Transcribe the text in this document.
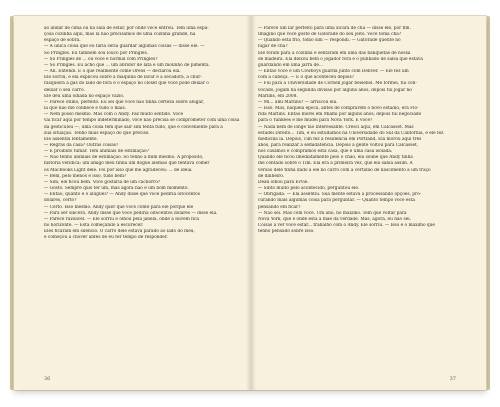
ao andar de cima ou na sala de estar, por onde você entrou. Tem uma espa-
çosa cozinha aqui, mas lá não precisamos de uma cozinha grande, há
espaço de sobra.
— A única coisa que eu faria seria guardar algumas coisas — disse ele. —
Só Pringles. Eu também sou louco por Pringles.
— Só Pringles de ... ou você é normal com Pringles?
— Só Pringles. Eu acho que ... um abridor de lata e um molinho de pimenta.
— Ah. Entendi. É o que realmente come Oreos — declarou ela.
Ele sorriu, e ela explicou sobre a máquina de lavar e a secadora, a chur-
rasqueira a gás do lado de fora e o espaço no closet que você pode deixar o
deixar o seu carro.
Ele deu uma olhada no espaço vazio.
— Parece ótimo, perfeito. Eu sei que você não tinha certeza sobre alugar,
lá que não me conhece e tudo o mais.
— Nem posso mesmo. Mas com o Andy. Faz muito sentido. Você
vai ficar aqui por tempo indeterminado, você não precisa se comprometer com uma coisa
da gesticulou —, uma coisa tem que sair sim tenta tudo, que é conveniente para a
sua situação. Tenho mais espaço do que preciso.
Ele assentiu lentamente.
— Regras da casa? Outras coisas?
— É proibido fumar. Tem animais de estimação?
— Não tenho animais de estimação. Só tenho a mim mesmo. A propósito,
história verídica: um amigo meu tinha um dogue alemão que tentava comer
os MacBooks Light dele. Foi por isso que me agradeceu: ... de ideia.
— Bem, pelo menos é isso, tudo bem?
— Sim, ele ficou bem. Você gostaria de um cachorro?
— Gosto. Sempre quis ter um, mas agora não é um bom momento.
— Então, quanto é o aluguel? — Andy disse que você pediria oitocentos
dólares, certo?
— Certo. Isso mesmo. Andy quer que você conte para ele porque ele
— Para ser sincera. Andy disse que você pediria oitocentos dólares — disse ela.
— Parece razoável. — Ele sorriu e olhou pela janela, onde a nuvem fica
no horizonte. — Está começando a escurecer.
Eles ficaram em silêncio. O carro dele estava parado ao lado do meu,
e começou a chover antes de eu ter tempo de responder.
36
— Parece um lar perfeito para uma xícara de chá — disse ele, por fim.
Imagino que você goste de Gatorade do seu jeito. Você toma chá?
— Quando está frio, tomo sim — respondi. — Gatorade quente no
lugar de chá?
Ele foram para a cozinha e sentaram em uma das banquetas de nossa
de madeira. Ela deixou bem o jogador fora e o punhado de salsa que estava
guardando em uma jarra de...
— Então você é um Cowboys guarda junto com Denver. — Ele fez um
com a cabeça. — E o que aconteceu depois?
— Fui para a Universidade de Cornell jogar beisebol. Me formei, fui con-
vocado, jogam na segunda divisão por alguns anos, depois fui jogar no
Marlins, em 2008.
— Mi... ami Marlins? — arriscou ela.
— Isso. Mas, naquela época, antes de comprarem o novo estádio, era Flo-
rida Marlins. Então morei em Miami por alguns anos, depois fui negociado
para o Yankees e me mudei para Nova York. E você?
— Nada nem de longe tão interessante. Cresci aqui, em Calcasset. Mas
estudei Direito... Tim, e eu estudamos na Universidade do Sul da Califórnia, e ele fez
medicina lá. Depois, Tim fez a residência em Portland, Ela morou aqui três
anos, para realizar a semidatência. Depois a gente voltou para Calcasset,
nos casamos e compramos esta casa, que é uma casa isolada.
Quando ele ficou imediatamente pelo o chão, ela soube que Andy tinha
lhe contado sobre o Tim. Ela era a primeira vez, que ela sabia assim. A
versão dele tinha dado a ele no carro com a certidão de nascimento a um traço
de dinheiro.
Dean olhou para Evvie.
— Sinto muito pelo acontecido, perguntou ele.
— Obrigada. — Ela assentiu. Sua mente estava a processando opções, pro-
curando mais algumas coisa para perguntar. — Quanto tempo você está
pensando em ficar?
— Não sei. Mas com você. Um ano, no máximo. Tem que voltar para
Nova York, que é onde está a mãe da verdade. Mas, agora, eu não sei.
Coisas a ver você estar... trabalho com o Andy. Ele sorriu. — Isso é o máximo que
tenho pensado sobre isso.
37
